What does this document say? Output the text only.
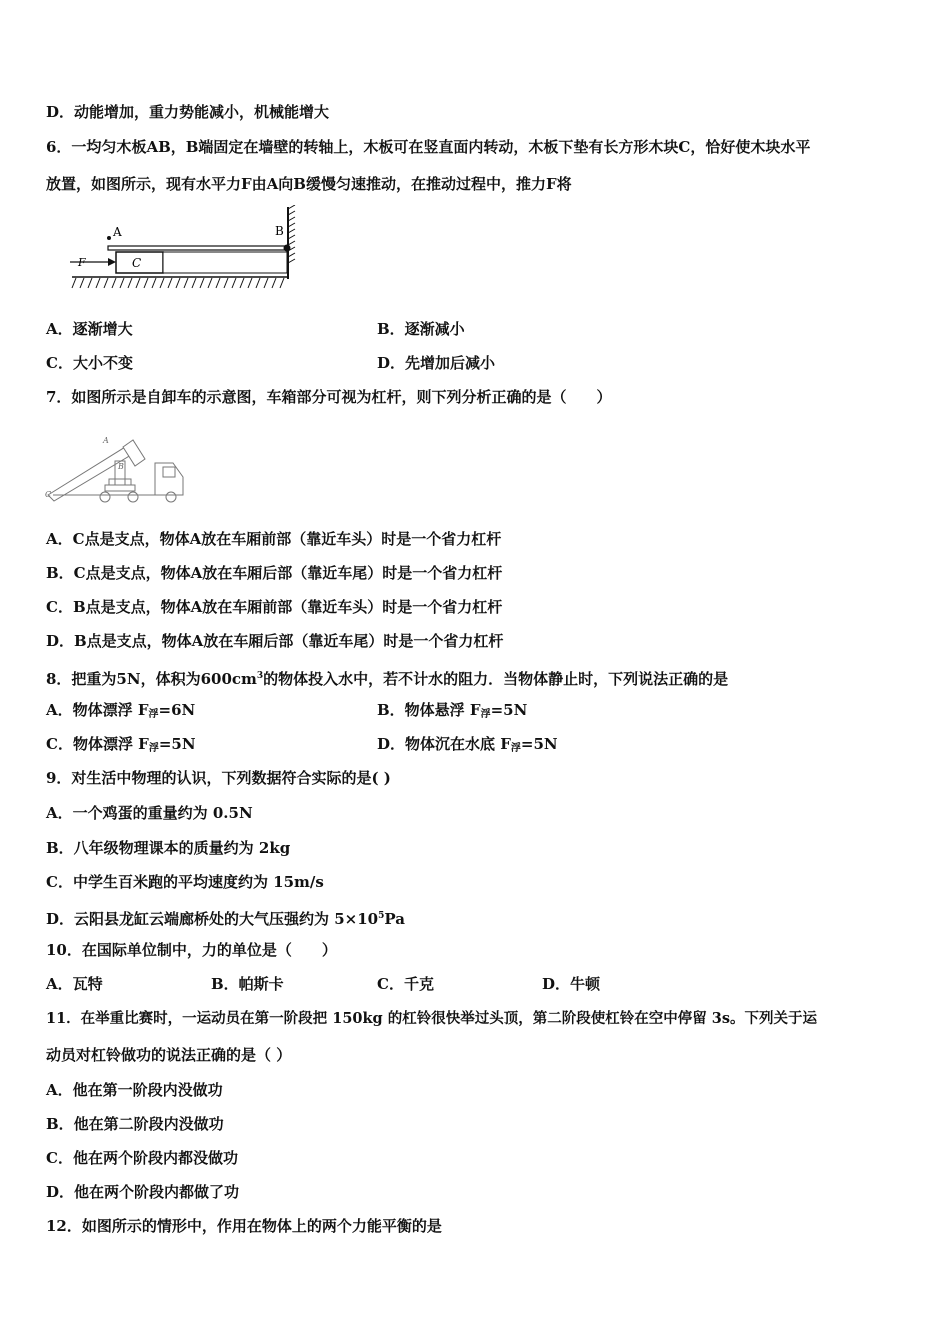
D．动能增加，重力势能减小，机械能增大
6．一均匀木板AB，B端固定在墙壁的转轴上，木板可在竖直面内转动，木板下垫有长方形木块C，恰好使木块水平
放置，如图所示，现有水平力F由A向B缓慢匀速推动，在推动过程中，推力F将
A	B
C
F
A．逐渐增大	B．逐渐减小
C．大小不变	D．先增加后减小
7．如图所示是自卸车的示意图，车箱部分可视为杠杆，则下列分析正确的是（　　）
A
B
C
A．C点是支点，物体A放在车厢前部（靠近车头）时是一个省力杠杆
B．C点是支点，物体A放在车厢后部（靠近车尾）时是一个省力杠杆
C．B点是支点，物体A放在车厢前部（靠近车头）时是一个省力杠杆
D．B点是支点，物体A放在车厢后部（靠近车尾）时是一个省力杠杆
8．把重为5N，体积为$600cm^3$的物体投入水中，若不计水的阻力．当物体静止时，下列说法正确的是
A．物体漂浮 $F_浮=6N$	B．物体悬浮 $F_浮=5N$
C．物体漂浮 $F_浮=5N$	D．物体沉在水底 $F_浮=5N$
9．对生活中物理的认识，下列数据符合实际的是( )
A．一个鸡蛋的重量约为 0.5N
B．八年级物理课本的质量约为 2kg
C．中学生百米跑的平均速度约为 15m/s
D．云阳县龙缸云端廊桥处的大气压强约为 $5\times 10^5Pa$
10．在国际单位制中，力的单位是（　　）
A．瓦特	B．帕斯卡	C．千克	D．牛顿
11．在举重比赛时，一运动员在第一阶段把 150kg 的杠铃很快举过头顶，第二阶段使杠铃在空中停留 3s。下列关于运
动员对杠铃做功的说法正确的是（ ）
A．他在第一阶段内没做功
B．他在第二阶段内没做功
C．他在两个阶段内都没做功
D．他在两个阶段内都做了功
12．如图所示的情形中，作用在物体上的两个力能平衡的是
